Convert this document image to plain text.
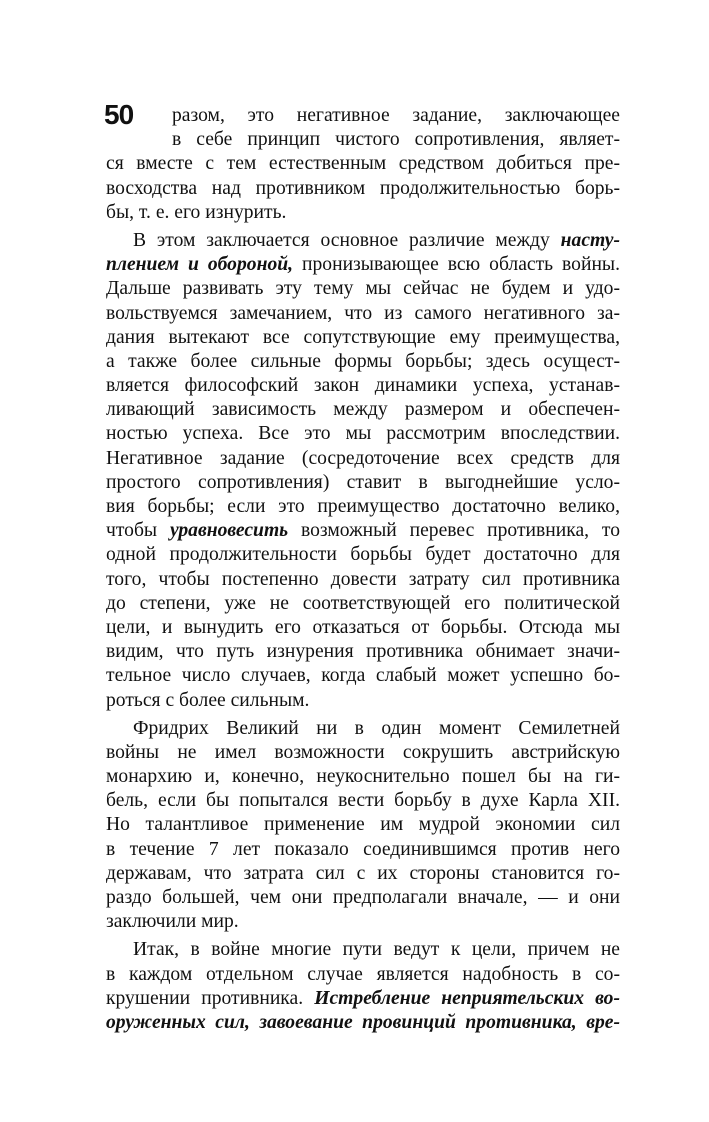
50	разом, это негативное задание, заключающее
в себе принцип чистого сопротивления, являет-
ся вместе с тем естественным средством добиться пре-
восходства над противником продолжительностью борь-
бы, т. е. его изнурить.
В этом заключается основное различие между насту-
плением и обороной, пронизывающее всю область войны.
Дальше развивать эту тему мы сейчас не будем и удо-
вольствуемся замечанием, что из самого негативного за-
дания вытекают все сопутствующие ему преимущества,
а также более сильные формы борьбы; здесь осущест-
вляется философский закон динамики успеха, устанав-
ливающий зависимость между размером и обеспечен-
ностью успеха. Все это мы рассмотрим впоследствии.
Негативное задание (сосредоточение всех средств для
простого сопротивления) ставит в выгоднейшие усло-
вия борьбы; если это преимущество достаточно велико,
чтобы уравновесить возможный перевес противника, то
одной продолжительности борьбы будет достаточно для
того, чтобы постепенно довести затрату сил противника
до степени, уже не соответствующей его политической
цели, и вынудить его отказаться от борьбы. Отсюда мы
видим, что путь изнурения противника обнимает значи-
тельное число случаев, когда слабый может успешно бо-
роться с более сильным.
Фридрих Великий ни в один момент Семилетней
войны не имел возможности сокрушить австрийскую
монархию и, конечно, неукоснительно пошел бы на ги-
бель, если бы попытался вести борьбу в духе Карла XII.
Но талантливое применение им мудрой экономии сил
в течение 7 лет показало соединившимся против него
державам, что затрата сил с их стороны становится го-
раздо большей, чем они предполагали вначале, — и они
заключили мир.
Итак, в войне многие пути ведут к цели, причем не
в каждом отдельном случае является надобность в со-
крушении противника. Истребление неприятельских во-
оруженных сил, завоевание провинций противника, вре-
